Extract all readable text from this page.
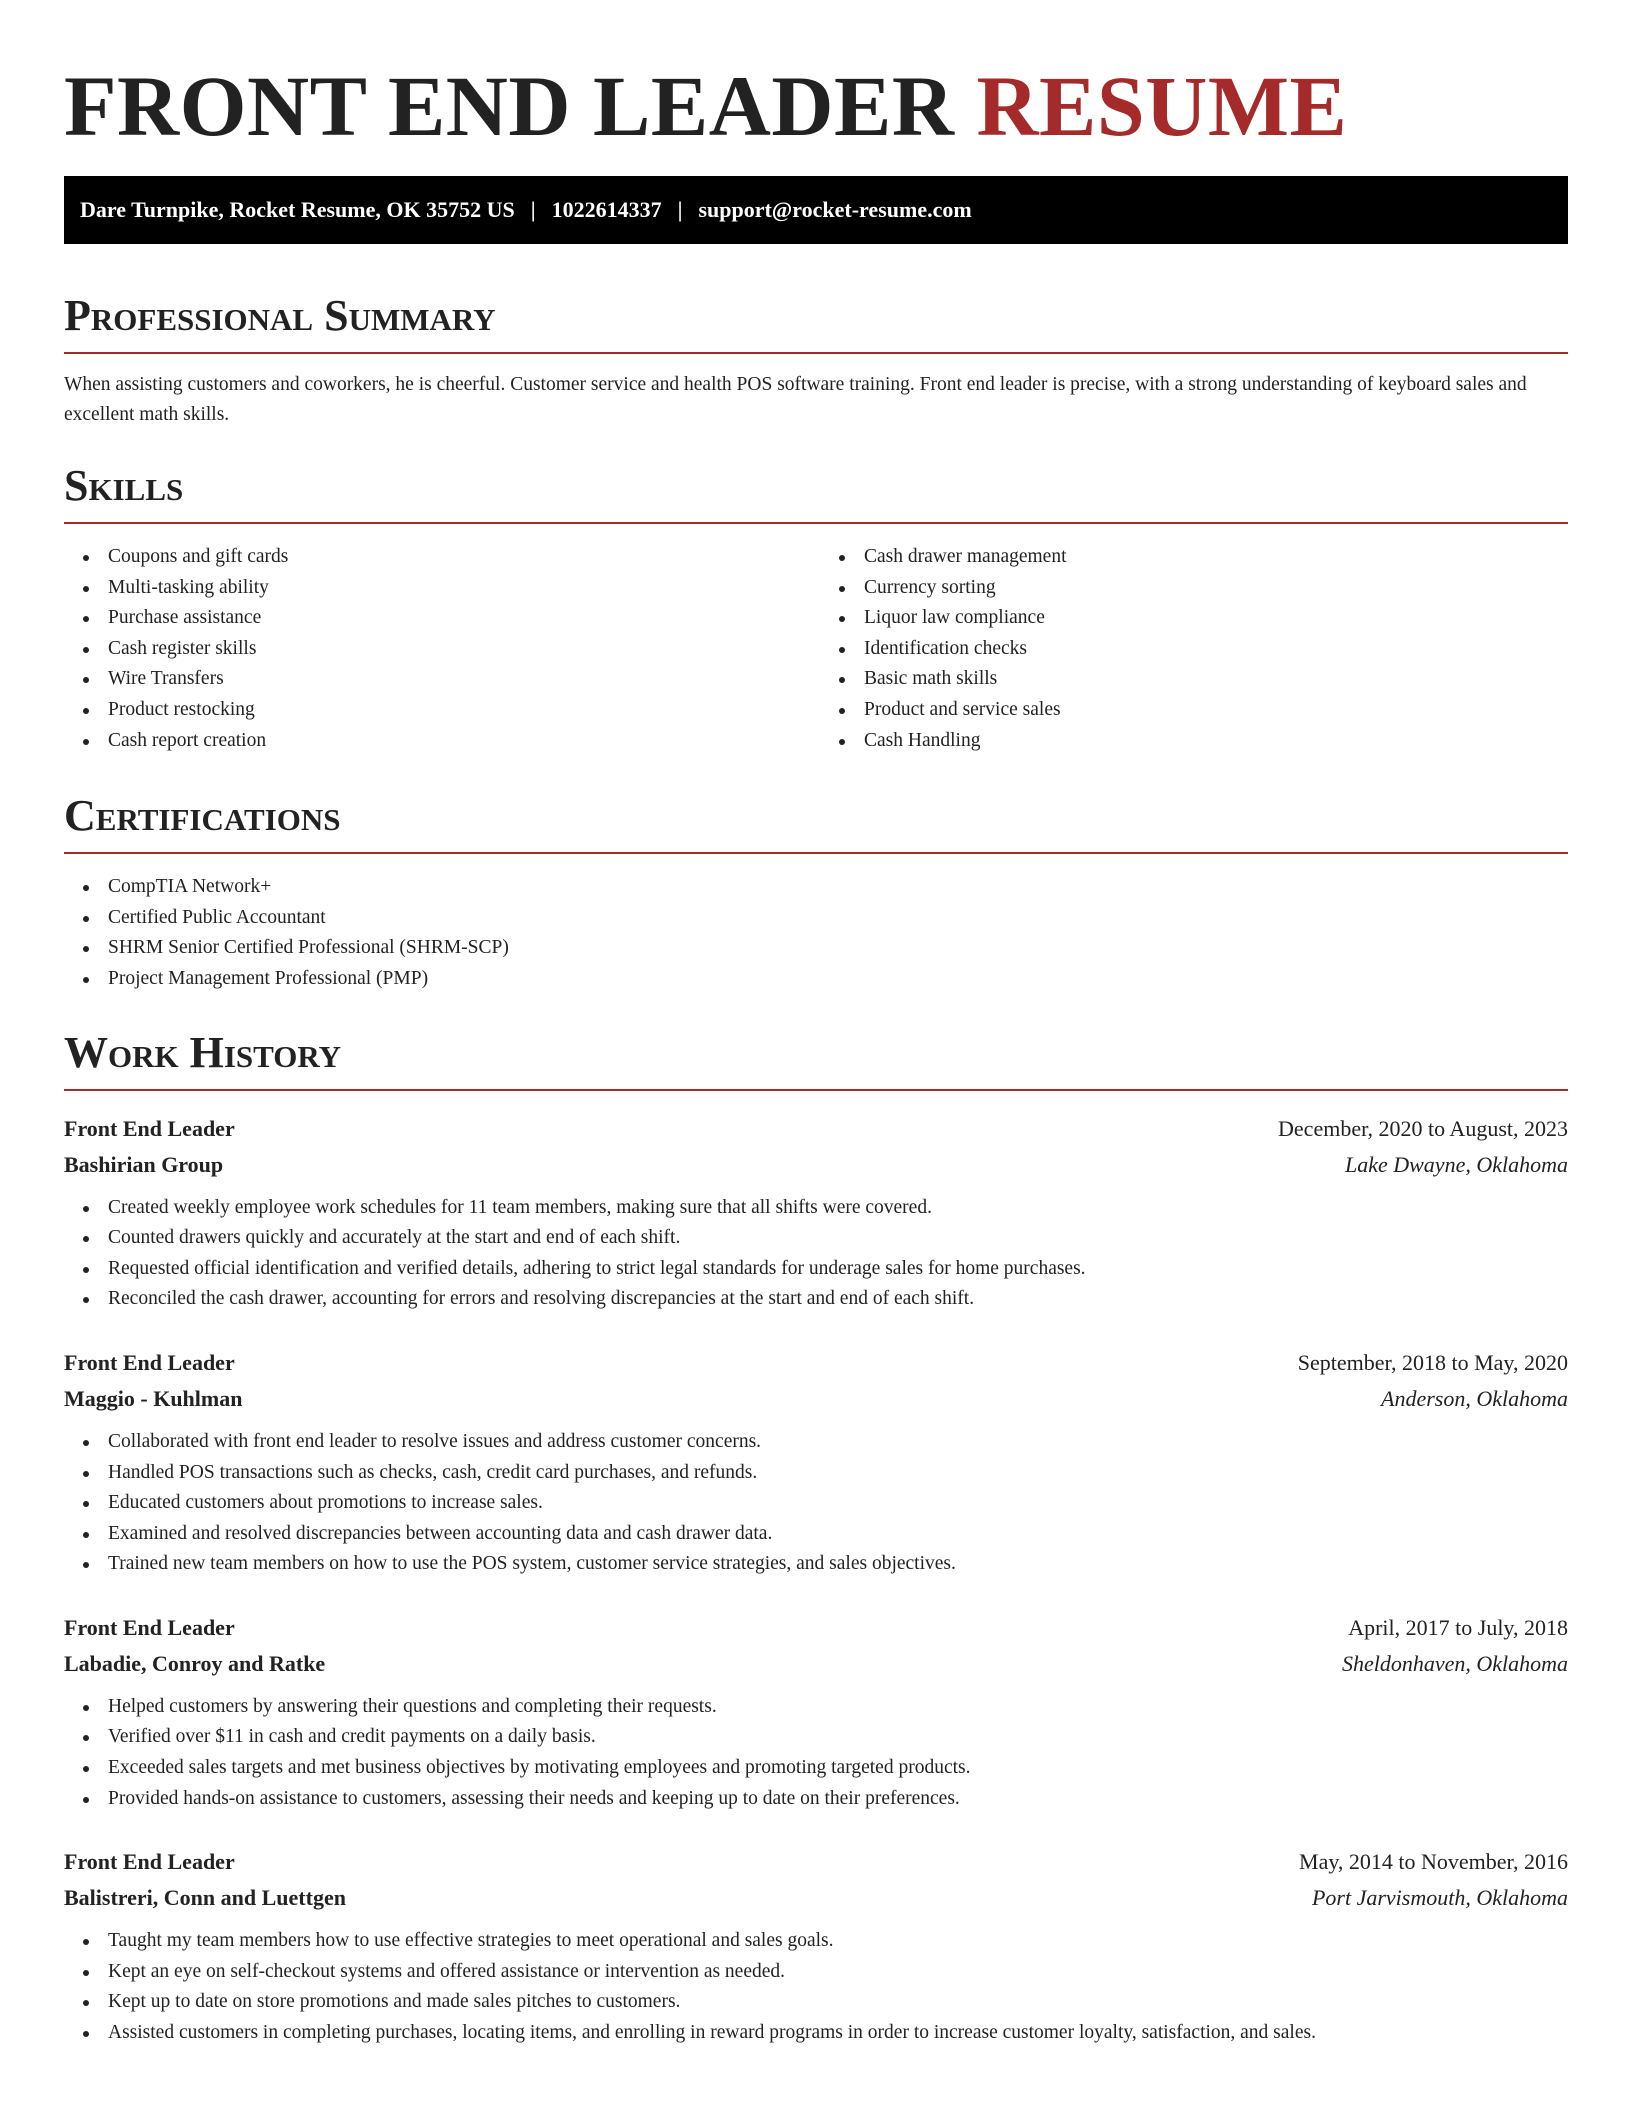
FRONT END LEADER RESUME
Dare Turnpike, Rocket Resume, OK 35752 US | 1022614337 | support@rocket-resume.com
Professional Summary

When assisting customers and coworkers, he is cheerful. Customer service and health POS software training. Front end leader is precise, with a strong understanding of keyboard sales and excellent math skills.

Skills
Coupons and gift cards
Multi-tasking ability
Purchase assistance
Cash register skills
Wire Transfers
Product restocking
Cash report creation
Cash drawer management
Currency sorting
Liquor law compliance
Identification checks
Basic math skills
Product and service sales
Cash Handling
Certifications
CompTIA Network+
Certified Public Accountant
SHRM Senior Certified Professional (SHRM-SCP)
Project Management Professional (PMP)
Work History
Front End Leader	December, 2020 to August, 2023
Bashirian Group	Lake Dwayne, Oklahoma
Created weekly employee work schedules for 11 team members, making sure that all shifts were covered.
Counted drawers quickly and accurately at the start and end of each shift.
Requested official identification and verified details, adhering to strict legal standards for underage sales for home purchases.
Reconciled the cash drawer, accounting for errors and resolving discrepancies at the start and end of each shift.
Front End Leader	September, 2018 to May, 2020
Maggio - Kuhlman	Anderson, Oklahoma
Collaborated with front end leader to resolve issues and address customer concerns.
Handled POS transactions such as checks, cash, credit card purchases, and refunds.
Educated customers about promotions to increase sales.
Examined and resolved discrepancies between accounting data and cash drawer data.
Trained new team members on how to use the POS system, customer service strategies, and sales objectives.
Front End Leader	April, 2017 to July, 2018
Labadie, Conroy and Ratke	Sheldonhaven, Oklahoma
Helped customers by answering their questions and completing their requests.
Verified over $11 in cash and credit payments on a daily basis.
Exceeded sales targets and met business objectives by motivating employees and promoting targeted products.
Provided hands-on assistance to customers, assessing their needs and keeping up to date on their preferences.
Front End Leader	May, 2014 to November, 2016
Balistreri, Conn and Luettgen	Port Jarvismouth, Oklahoma
Taught my team members how to use effective strategies to meet operational and sales goals.
Kept an eye on self-checkout systems and offered assistance or intervention as needed.
Kept up to date on store promotions and made sales pitches to customers.
Assisted customers in completing purchases, locating items, and enrolling in reward programs in order to increase customer loyalty, satisfaction, and sales.
